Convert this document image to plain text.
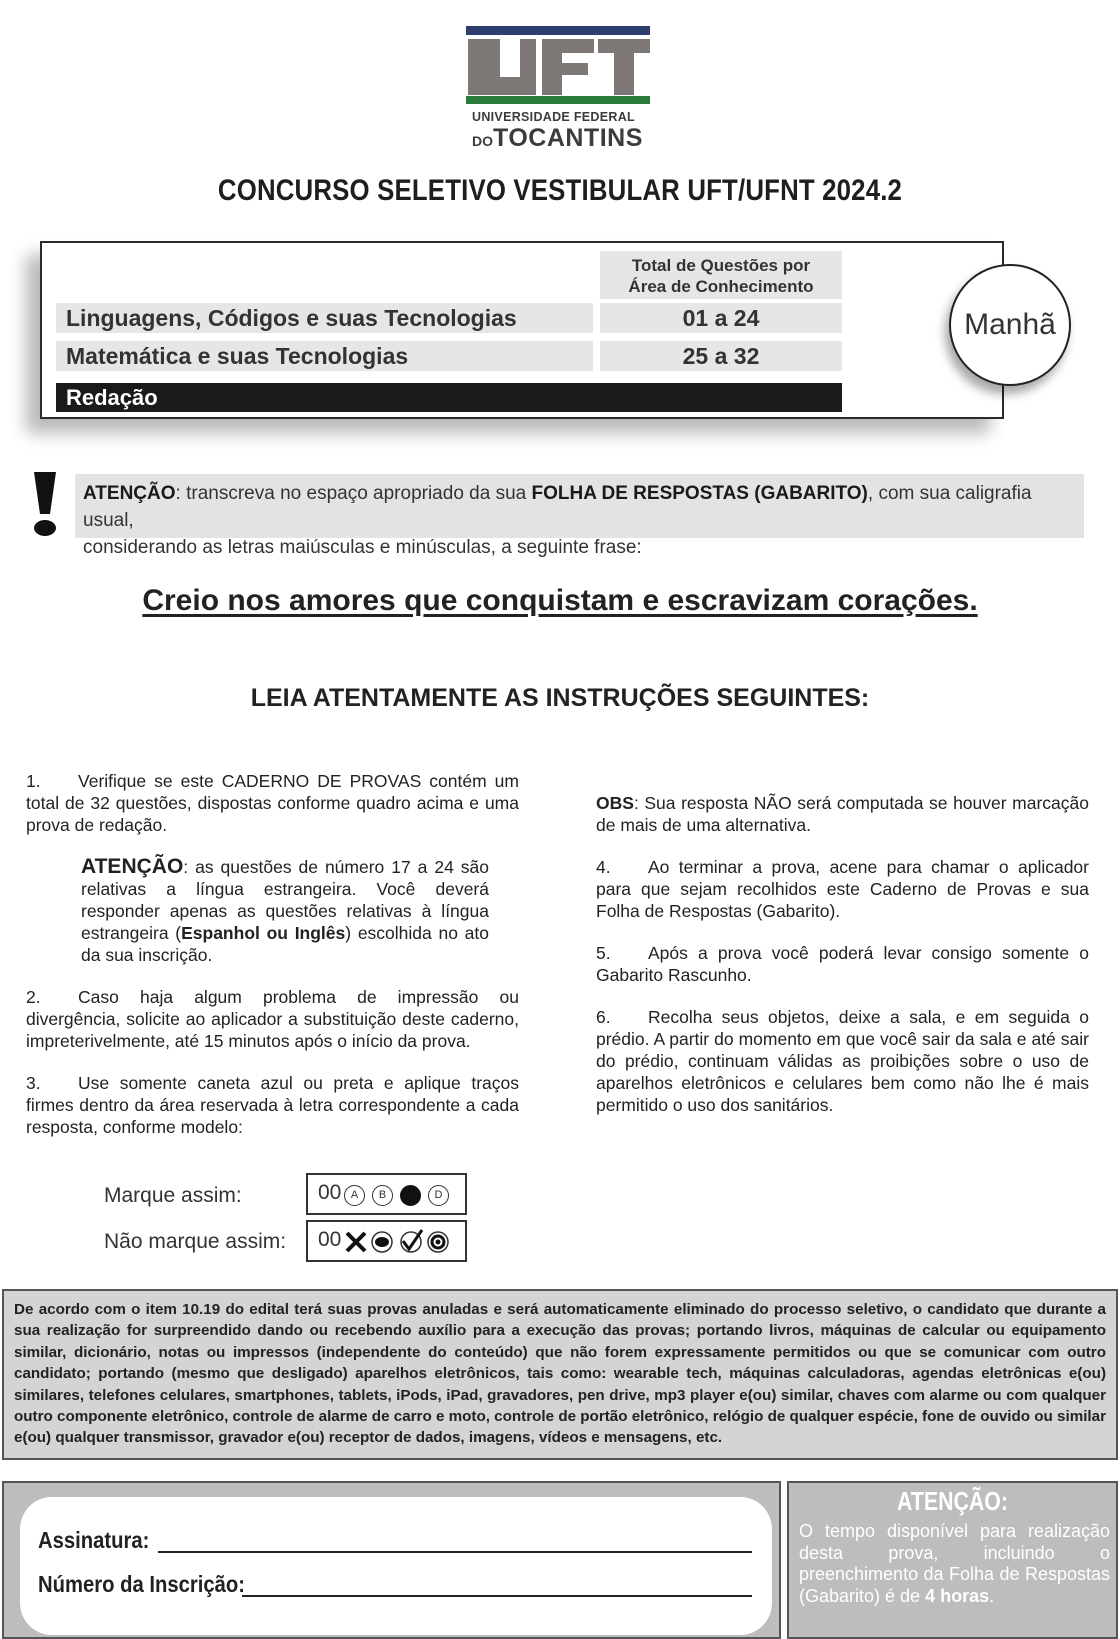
UNIVERSIDADE FEDERAL
DOTOCANTINS
CONCURSO SELETIVO VESTIBULAR UFT/UFNT 2024.2
Total de Questões por
Área de Conhecimento
Linguagens, Códigos e suas Tecnologias	01 a 24
Matemática e suas Tecnologias	25 a 32
Redação
Manhã
ATENÇÃO: transcreva no espaço apropriado da sua FOLHA DE RESPOSTAS (GABARITO), com sua caligrafia usual,
considerando as letras maiúsculas e minúsculas, a seguinte frase:
Creio nos amores que conquistam e escravizam corações.
LEIA ATENTAMENTE AS INSTRUÇÕES SEGUINTES:
1. Verifique se este CADERNO DE PROVAS contém um total de 32 questões, dispostas conforme quadro acima e uma prova de redação.
ATENÇÃO: as questões de número 17 a 24 são relativas a língua estrangeira. Você deverá responder apenas as questões relativas à língua estrangeira (Espanhol ou Inglês) escolhida no ato da sua inscrição.
2. Caso haja algum problema de impressão ou divergência, solicite ao aplicador a substituição deste caderno, impreterivelmente, até 15 minutos após o início da prova.
3. Use somente caneta azul ou preta e aplique traços firmes dentro da área reservada à letra correspondente a cada resposta, conforme modelo:
Marque assim:	00 A	B	D
Não marque assim: 00
OBS: Sua resposta NÃO será computada se houver marcação de mais de uma alternativa.
4. Ao terminar a prova, acene para chamar o aplicador para que sejam recolhidos este Caderno de Provas e sua Folha de Respostas (Gabarito).
5. Após a prova você poderá levar consigo somente o Gabarito Rascunho.
6. Recolha seus objetos, deixe a sala, e em seguida o prédio. A partir do momento em que você sair da sala e até sair do prédio, continuam válidas as proibições sobre o uso de aparelhos eletrônicos e celulares bem como não lhe é mais permitido o uso dos sanitários.

De acordo com o item 10.19 do edital terá suas provas anuladas e será automaticamente eliminado do processo seletivo, o candidato que durante a sua realização for surpreendido dando ou recebendo auxílio para a execução das provas; portando livros, máquinas de calcular ou equipamento similar, dicionário, notas ou impressos (independente do conteúdo) que não forem expressamente permitidos ou que se comunicar com outro candidato; portando (mesmo que desligado) aparelhos eletrônicos, tais como: wearable tech, máquinas calculadoras, agendas eletrônicas e(ou) similares, telefones celulares, smartphones, tablets, iPods, iPad, gravadores, pen drive, mp3 player e(ou) similar, chaves com alarme ou com qualquer outro componente eletrônico, controle de alarme de carro e moto, controle de portão eletrônico, relógio de qualquer espécie, fone de ouvido ou similar e(ou) qualquer transmissor, gravador e(ou) receptor de dados, imagens, vídeos e mensagens, etc.

Assinatura:
Número da Inscrição:
ATENÇÃO:
O tempo disponível para realização desta prova, incluindo o preenchimento da Folha de Respostas (Gabarito) é de 4 horas.
